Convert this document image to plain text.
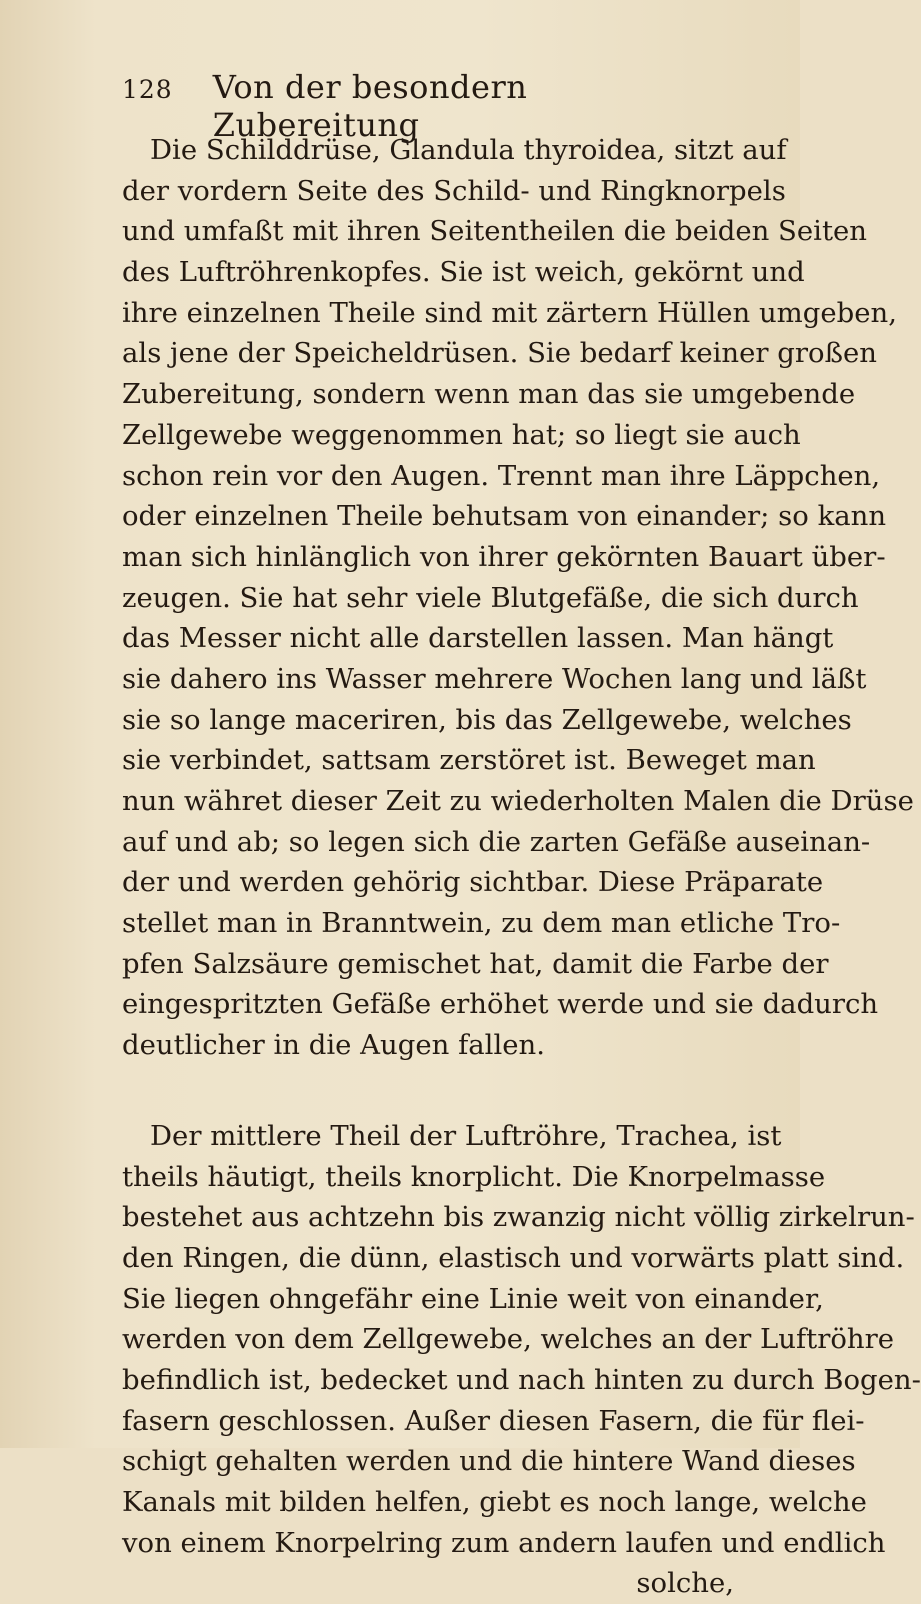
128 Von der besondern Zubereitung
Die Schilddrüse, Glandula thyroidea, sitzt auf
der vordern Seite des Schild- und Ringknorpels
und umfaßt mit ihren Seitentheilen die beiden Seiten
des Luftröhrenkopfes. Sie ist weich, gekörnt und
ihre einzelnen Theile sind mit zärtern Hüllen umgeben,
als jene der Speicheldrüsen. Sie bedarf keiner großen
Zubereitung, sondern wenn man das sie umgebende
Zellgewebe weggenommen hat; so liegt sie auch
schon rein vor den Augen. Trennt man ihre Läppchen,
oder einzelnen Theile behutsam von einander; so kann
man sich hinlänglich von ihrer gekörnten Bauart über-
zeugen. Sie hat sehr viele Blutgefäße, die sich durch
das Messer nicht alle darstellen lassen. Man hängt
sie dahero ins Wasser mehrere Wochen lang und läßt
sie so lange maceriren, bis das Zellgewebe, welches
sie verbindet, sattsam zerstöret ist. Beweget man
nun währet dieser Zeit zu wiederholten Malen die Drüse
auf und ab; so legen sich die zarten Gefäße auseinan-
der und werden gehörig sichtbar. Diese Präparate
stellet man in Branntwein, zu dem man etliche Tro-
pfen Salzsäure gemischet hat, damit die Farbe der
eingespritzten Gefäße erhöhet werde und sie dadurch
deutlicher in die Augen fallen.
Der mittlere Theil der Luftröhre, Trachea, ist
theils häutigt, theils knorplicht. Die Knorpelmasse
bestehet aus achtzehn bis zwanzig nicht völlig zirkelrun-
den Ringen, die dünn, elastisch und vorwärts platt sind.
Sie liegen ohngefähr eine Linie weit von einander,
werden von dem Zellgewebe, welches an der Luftröhre
befindlich ist, bedecket und nach hinten zu durch Bogen-
fasern geschlossen. Außer diesen Fasern, die für flei-
schigt gehalten werden und die hintere Wand dieses
Kanals mit bilden helfen, giebt es noch lange, welche
von einem Knorpelring zum andern laufen und endlich
solche,
